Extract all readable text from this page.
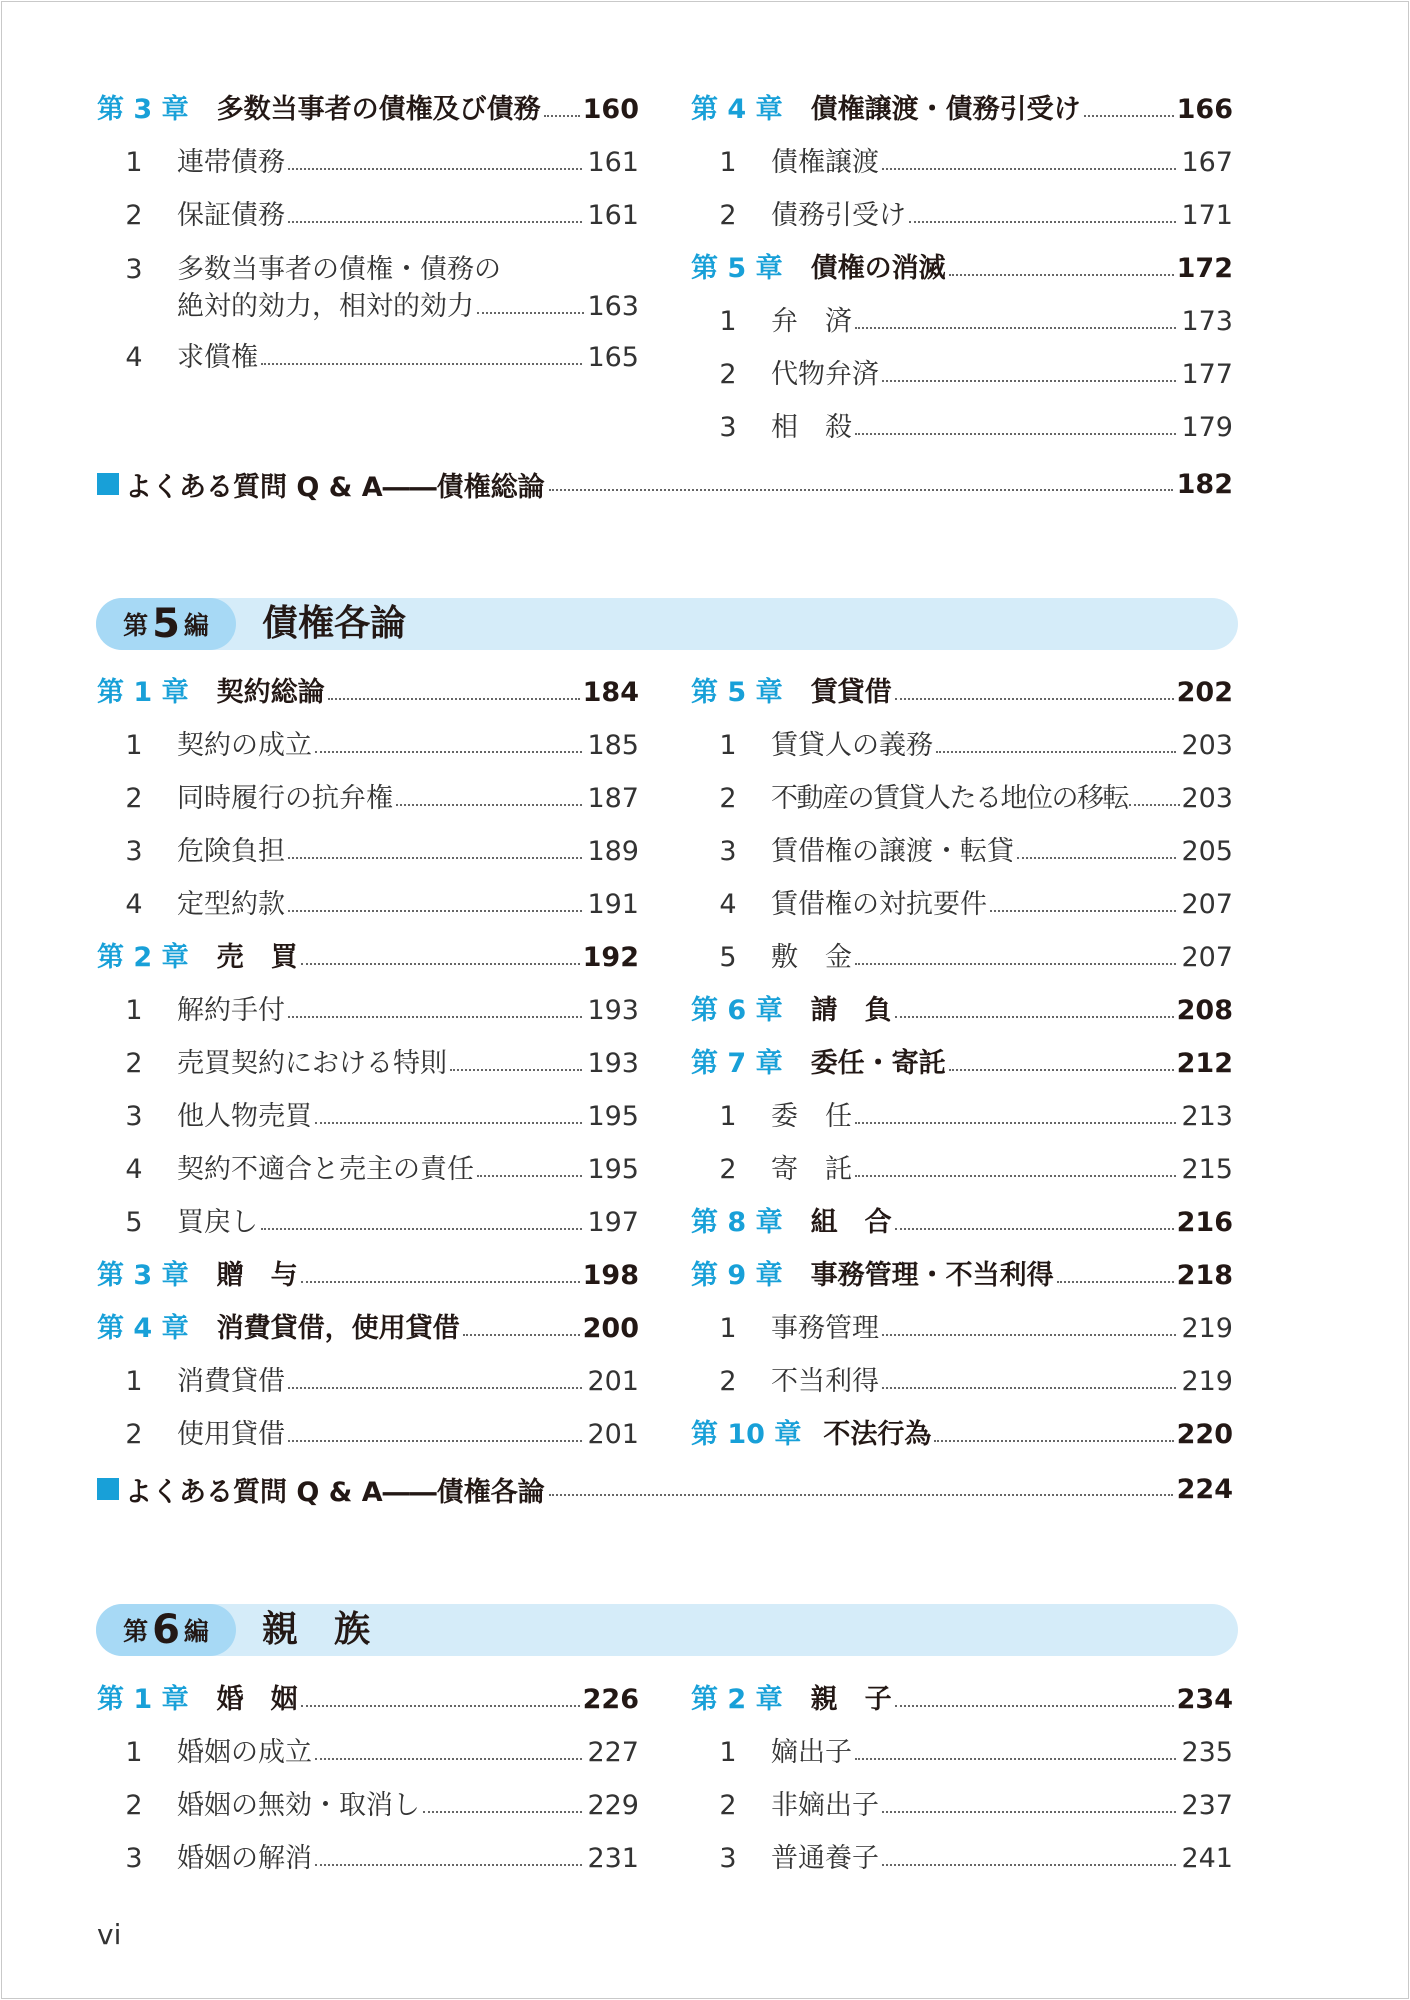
第 3 章 多数当事者の債権及び債務 160
1 連帯債務	161
2 保証債務	161
3 多数当事者の債権・債務の
絶対的効力，相対的効力	163
4 求償権	165
第 4 章 債権譲渡・債務引受け	166
1 債権譲渡	167
2 債務引受け	171
第 5 章 債権の消滅	172
1 弁　済	173
2 代物弁済	177
3 相　殺	179
よくある質問 Q & A――債権総論	182
第 5 編 債権各論
第 1 章 契約総論	184
1 契約の成立	185
2 同時履行の抗弁権	187
3 危険負担	189
4 定型約款	191
第 2 章 売　買	192
1 解約手付	193
2 売買契約における特則	193
3 他人物売買	195
4 契約不適合と売主の責任	195
5 買戻し	197
第 3 章 贈　与	198
第 4 章 消費貸借，使用貸借	200
1 消費貸借	201
2 使用貸借	201
第 5 章 賃貸借	202
1 賃貸人の義務	203
2 不動産の賃貸人たる地位の移転 203
3 賃借権の譲渡・転貸	205
4 賃借権の対抗要件	207
5 敷　金	207
第 6 章 請　負	208
第 7 章 委任・寄託	212
1 委　任	213
2 寄　託	215
第 8 章 組　合	216
第 9 章 事務管理・不当利得	218
1 事務管理	219
2 不当利得	219
第 10 章 不法行為	220
よくある質問 Q & A――債権各論	224
第 6 編 親　族
第 1 章 婚　姻	226
1 婚姻の成立	227
2 婚姻の無効・取消し	229
3 婚姻の解消	231
第 2 章 親　子	234
1 嫡出子	235
2 非嫡出子	237
3 普通養子	241
vi
